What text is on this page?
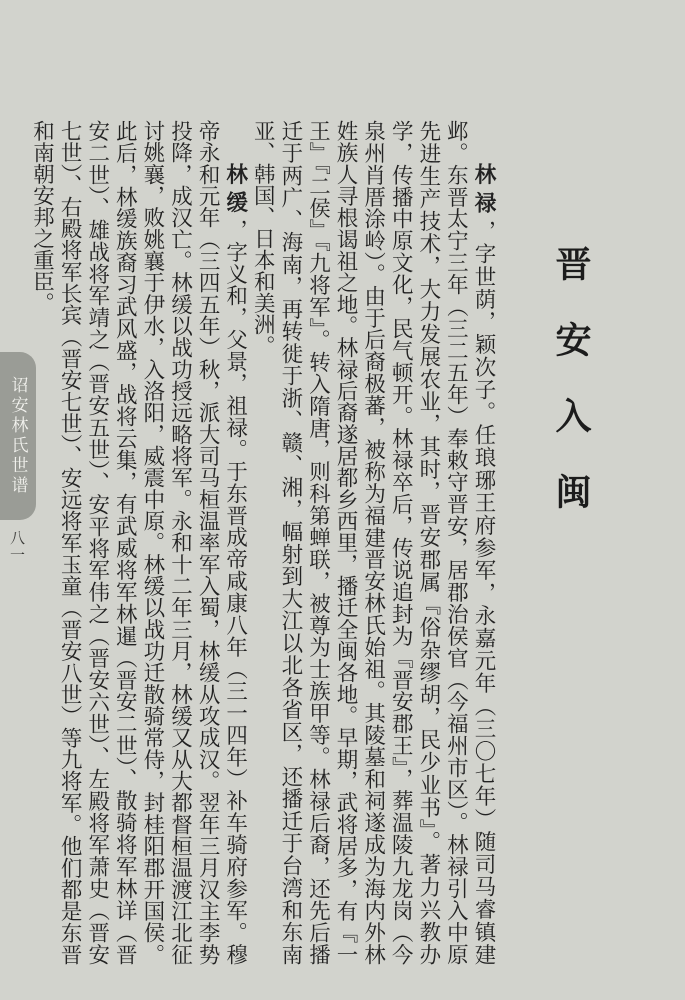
诏安林氏世谱
八一	晋安入闽

林禄，字世荫，颖次子。任琅琊王府参军，永嘉元年（三〇七年）随司马睿镇建邺。东晋太宁三年（三二五年）奉敕守晋安，居郡治侯官（今福州市区）。林禄引入中原先进生产技术，大力发展农业，其时，晋安郡属『俗杂缪胡，民少业书』。著力兴教办学，传播中原文化，民气顿开。林禄卒后，传说追封为『晋安郡王』，葬温陵九龙岗（今泉州肖厝涂岭）。由于后裔极蕃，被称为福建晋安林氏始祖。其陵墓和祠遂成为海内外林姓族人寻根谒祖之地。林禄后裔遂居都乡西里，播迁全闽各地。早期，武将居多，有『一王』『二侯』『九将军』。转入隋唐，则科第蝉联，被尊为士族甲等。林禄后裔，还先后播迁于两广、海南，再转徙于浙、赣、湘，幅射到大江以北各省区，还播迁于台湾和东南亚、韩国、日本和美洲。

林缓，字义和，父景，祖禄。于东晋成帝咸康八年（三一四年）补车骑府参军。穆帝永和元年（三四五年）秋，派大司马桓温率军入蜀，林缓从攻成汉。翌年三月汉主李势投降，成汉亡。林缓以战功授远略将军。永和十二年三月，林缓又从大都督桓温渡江北征讨姚襄，败姚襄于伊水，入洛阳，威震中原。林缓以战功迁散骑常侍，封桂阳郡开国侯。此后，林缓族裔习武风盛，战将云集，有武威将军林暹（晋安二世）、散骑将军林详（晋安二世）、雄战将军靖之（晋安五世）、安平将军伟之（晋安六世）、左殿将军萧史（晋安七世）、右殿将军长宾（晋安七世）、安远将军玉童（晋安八世）等九将军。他们都是东晋和南朝安邦之重臣。
